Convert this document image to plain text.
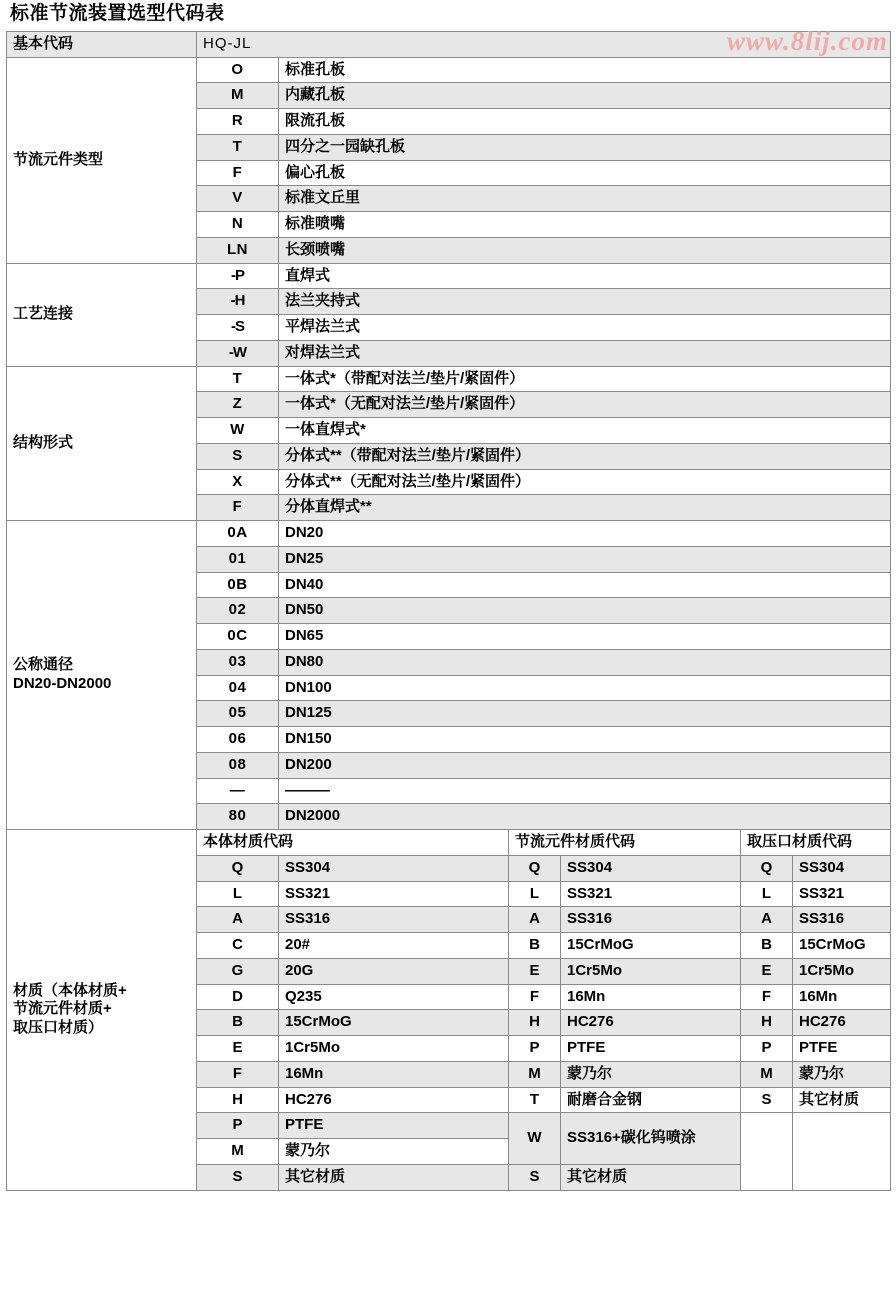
标准节流装置选型代码表
www.8lij.com
基本代码	HQ-JL					
节流元件类型	O	标准孔板				
	M	内藏孔板				
	R	限流孔板				
	T	四分之一园缺孔板				
	F	偏心孔板				
	V	标准文丘里				
	N	标准喷嘴				
	LN	长颈喷嘴				
工艺连接	-P	直焊式				
	-H	法兰夹持式				
	-S	平焊法兰式				
	-W	对焊法兰式				
结构形式	T	一体式*（带配对法兰/垫片/紧固件）				
	Z	一体式*（无配对法兰/垫片/紧固件）				
	W	一体直焊式*				
	S	分体式**（带配对法兰/垫片/紧固件）				
	X	分体式**（无配对法兰/垫片/紧固件）				
	F	分体直焊式**				

公称通径
DN20-DN2000	0A	DN20				
	01	DN25				
	0B	DN40				
	02	DN50				
	0C	DN65				
	03	DN80				
	04	DN100				
	05	DN125				
	06	DN150				
	08	DN200				
	—	———				
	80	DN2000				

材质（本体材质+
节流元件材质+
取压口材质）	本体材质代码		节流元件材质代码		取压口材质代码	
	Q	SS304	Q	SS304	Q	SS304
	L	SS321	L	SS321	L	SS321
	A	SS316	A	SS316	A	SS316
	C	20#	B	15CrMoG	B	15CrMoG
	G	20G	E	1Cr5Mo	E	1Cr5Mo
	D	Q235	F	16Mn	F	16Mn
	B	15CrMoG	H	HC276	H	HC276
	E	1Cr5Mo	P	PTFE	P	PTFE
	F	16Mn	M	蒙乃尔	M	蒙乃尔
	H	HC276	T	耐磨合金钢	S	其它材质
	P	PTFE	W	SS316+碳化钨喷涂		
	M	蒙乃尔				
	S	其它材质	S	其它材质		
